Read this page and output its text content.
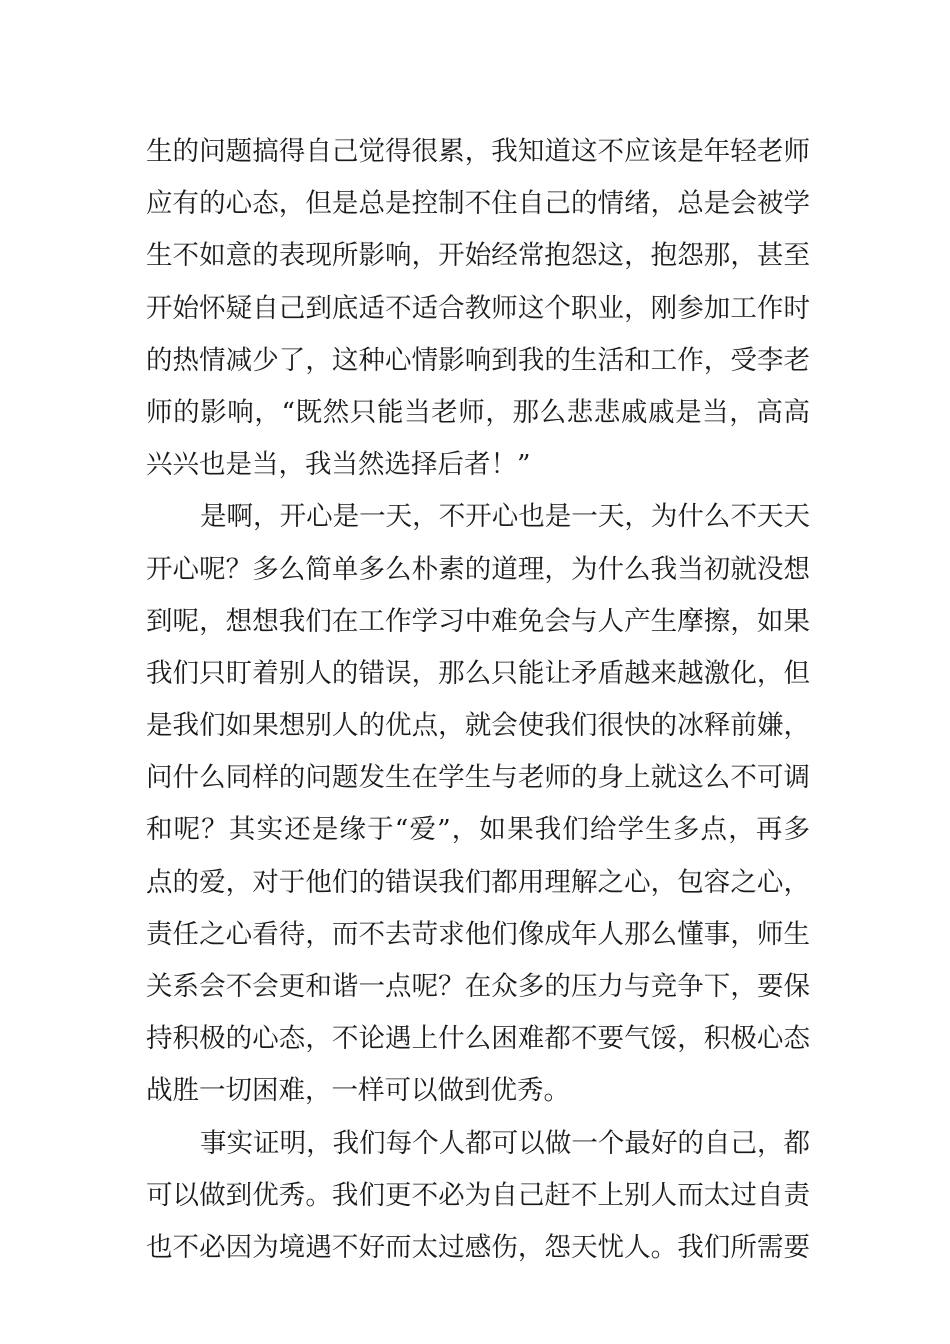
生的问题搞得自己觉得很累，我知道这不应该是年轻老师
应有的心态，但是总是控制不住自己的情绪，总是会被学
生不如意的表现所影响，开始经常抱怨这，抱怨那，甚至
开始怀疑自己到底适不适合教师这个职业，刚参加工作时
的热情减少了，这种心情影响到我的生活和工作，受李老
师的影响，“既然只能当老师，那么悲悲戚戚是当，高高
兴兴也是当，我当然选择后者！”
是啊，开心是一天，不开心也是一天，为什么不天天
开心呢？多么简单多么朴素的道理，为什么我当初就没想
到呢，想想我们在工作学习中难免会与人产生摩擦，如果
我们只盯着别人的错误，那么只能让矛盾越来越激化，但
是我们如果想别人的优点，就会使我们很快的冰释前嫌，
问什么同样的问题发生在学生与老师的身上就这么不可调
和呢？其实还是缘于“爱”，如果我们给学生多点，再多
点的爱，对于他们的错误我们都用理解之心，包容之心，
责任之心看待，而不去苛求他们像成年人那么懂事，师生
关系会不会更和谐一点呢？在众多的压力与竞争下，要保
持积极的心态，不论遇上什么困难都不要气馁，积极心态
战胜一切困难，一样可以做到优秀。
事实证明，我们每个人都可以做一个最好的自己，都
可以做到优秀。我们更不必为自己赶不上别人而太过自责
也不必因为境遇不好而太过感伤，怨天忧人。我们所需要
